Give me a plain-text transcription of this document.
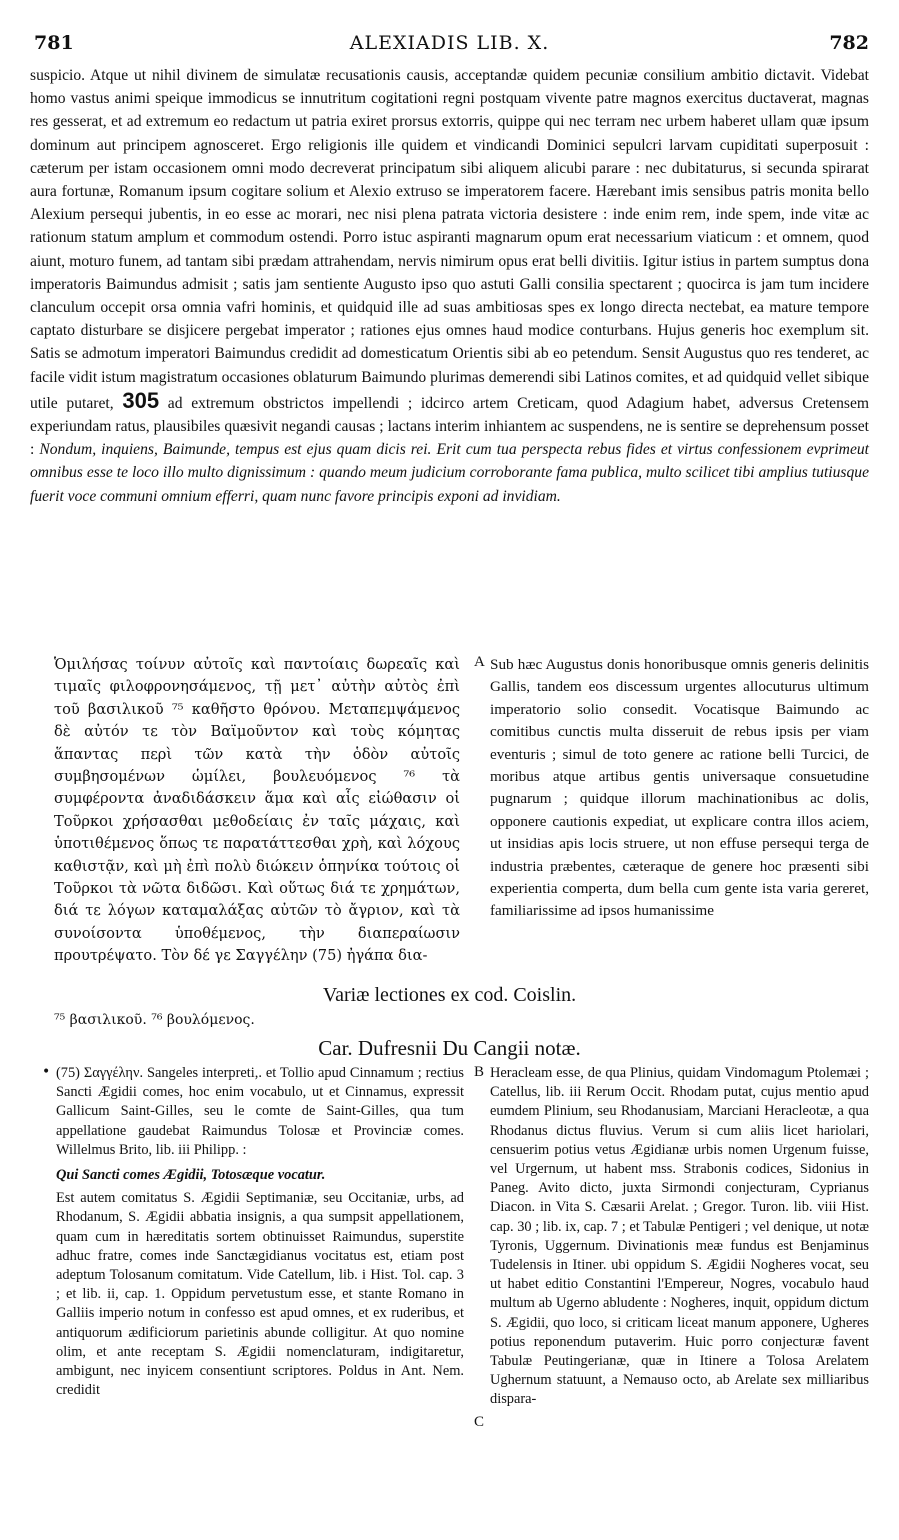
781	ALEXIADIS LIB. X.	782
suspicio. Atque ut nihil divinem de simulatæ recusationis causis, acceptandæ quidem pecuniæ consilium ambitio dictavit. Videbat homo vastus animi speique immodicus se innutritum cogitationi regni postquam vivente patre magnos exercitus ductaverat, magnas res gesserat, et ad extremum eo redactum ut patria exiret prorsus extorris, quippe qui nec terram nec urbem haberet ullam quæ ipsum dominum aut principem agnosceret. Ergo religionis ille quidem et vindicandi Dominici sepulcri larvam cupiditati superposuit : cæterum per istam occasionem omni modo decreverat principatum sibi aliquem alicubi parare : nec dubitaturus, si secunda spirarat aura fortunæ, Romanum ipsum cogitare solium et Alexio extruso se imperatorem facere. Hærebant imis sensibus patris monita bello Alexium persequi jubentis, in eo esse ac morari, nec nisi plena patrata victoria desistere : inde enim rem, inde spem, inde vitæ ac rationum statum amplum et commodum ostendi. Porro istuc aspiranti magnarum opum erat necessarium viaticum : et omnem, quod aiunt, moturo funem, ad tantam sibi prædam attrahendam, nervis nimirum opus erat belli divitiis. Igitur istius in partem sumptus dona imperatoris Baimundus admisit ; satis jam sentiente Augusto ipso quo astuti Galli consilia spectarent ; quocirca is jam tum incidere clanculum occepit orsa omnia vafri hominis, et quidquid ille ad suas ambitiosas spes ex longo directa nectebat, ea mature tempore captato disturbare se disjicere pergebat imperator ; rationes ejus omnes haud modice conturbans. Hujus generis hoc exemplum sit. Satis se admotum imperatori Baimundus credidit ad domesticatum Orientis sibi ab eo petendum. Sensit Augustus quo res tenderet, ac facile vidit istum magistratum occasiones oblaturum Baimundo plurimas demerendi sibi Latinos comites, et ad quidquid vellet sibique utile putaret, 305 ad extremum obstrictos impellendi ; idcirco artem Creticam, quod Adagium habet, adversus Cretensem experiundam ratus, plausibiles quæsivit negandi causas ; lactans interim inhiantem ac suspendens, ne is sentire se deprehensum posset : Nondum, inquiens, Baimunde, tempus est ejus quam dicis rei. Erit cum tua perspecta rebus fides et virtus confessionem evprimeut omnibus esse te loco illo multo dignissimum : quando meum judicium corroborante fama publica, multo scilicet tibi amplius tutiusque fuerit voce communi omnium efferri, quam nunc favore principis exponi ad invidiam.
Ὁμιλήσας τοίνυν αὐτοῖς καὶ παντοίαις δωρεαῖς καὶ τιμαῖς φιλοφρονησάμενος, τῇ μετ᾽ αὐτὴν αὐτὸς ἐπὶ τοῦ βασιλικοῦ ⁷⁵ καθῆστο θρόνου. Μεταπεμψάμενος δὲ αὐτόν τε τὸν Βαϊμοῦντον καὶ τοὺς κόμητας ἅπαντας περὶ τῶν κατὰ τὴν ὁδὸν αὐτοῖς συμβησομένων ὡμίλει, βουλευόμενος ⁷⁶ τὰ συμφέροντα ἀναδιδάσκειν ἅμα καὶ αἷς εἰώθασιν οἱ Τοῦρκοι χρήσασθαι μεθοδείαις ἐν ταῖς μάχαις, καὶ ὑποτιθέμενος ὅπως τε παρατάττεσθαι χρὴ, καὶ λόχους καθιστᾷν, καὶ μὴ ἐπὶ πολὺ διώκειν ὁπηνίκα τούτοις οἱ Τοῦρκοι τὰ νῶτα διδῶσι. Καὶ οὕτως διά τε χρημάτων, διά τε λόγων καταμαλάξας αὐτῶν τὸ ἄγριον, καὶ τὰ συνοίσοντα ὑποθέμενος, τὴν διαπεραίωσιν προυτρέψατο. Τὸν δέ γε Σαγγέλην (75) ἠγάπα δια-
A Sub hæc Augustus donis honoribusque omnis generis delinitis Gallis, tandem eos discessum urgentes allocuturus ultimum imperatorio solio consedit. Vocatisque Baimundo ac comitibus cunctis multa disseruit de rebus ipsis per viam eventuris ; simul de toto genere ac ratione belli Turcici, de moribus atque artibus gentis universaque consuetudine pugnarum ; quidque illorum machinationibus ac dolis, opponere cautionis expediat, ut explicare contra illos aciem, ut insidias apis locis struere, ut non effuse persequi terga de industria præbentes, cæteraque de genere hoc præsenti sibi experientia comperta, dum bella cum gente ista varia gereret, familiarissime ad ipsos humanissime
Variæ lectiones ex cod. Coislin.
⁷⁵ βασιλικοῦ. ⁷⁶ βουλόμενος.
Car. Dufresnii Du Cangii notæ.
• (75) Σαγγέλην. Sangeles interpreti,. et Tollio apud Cinnamum ; rectius Sancti Ægidii comes, hoc enim vocabulo, ut et Cinnamus, expressit Gallicum Saint-Gilles, seu le comte de Saint-Gilles, qua tum appellatione gaudebat Raimundus Tolosæ et Provinciæ comes. Willelmus Brito, lib. iii Philipp. :
Qui Sancti comes Ægidii, Totosæque vocatur.
Est autem comitatus S. Ægidii Septimaniæ, seu Occitaniæ, urbs, ad Rhodanum, S. Ægidii abbatia insignis, a qua sumpsit appellationem, quam cum in hæreditatis sortem obtinuisset Raimundus, superstite adhuc fratre, comes inde Sanctægidianus vocitatus est, etiam post adeptum Tolosanum comitatum. Vide Catellum, lib. i Hist. Tol. cap. 3 ; et lib. ii, cap. 1. Oppidum pervetustum esse, et stante Romano in Galliis imperio notum in confesso est apud omnes, et ex ruderibus, et antiquorum ædificiorum parietinis abunde colligitur. At quo nomine olim, et ante receptam S. Ægidii nomenclaturam, indigitaretur, ambigunt, nec inyicem consentiunt scriptores. Poldus in Ant. Nem. credidit
B
C
Heracleam esse, de qua Plinius, quidam Vindomagum Ptolemæi ; Catellus, lib. iii Rerum Occit. Rhodam putat, cujus mentio apud eumdem Plinium, seu Rhodanusiam, Marciani Heracleotæ, a qua Rhodanus dictus fluvius. Verum si cum aliis licet hariolari, censuerim potius vetus Ægidianæ urbis nomen Urgenum fuisse, vel Urgernum, ut habent mss. Strabonis codices, Sidonius in Paneg. Avito dicto, juxta Sirmondi conjecturam, Cyprianus Diacon. in Vita S. Cæsarii Arelat. ; Gregor. Turon. lib. viii Hist. cap. 30 ; lib. ix, cap. 7 ; et Tabulæ Pentigeri ; vel denique, ut notæ Tyronis, Uggernum. Divinationis meæ fundus est Benjaminus Tudelensis in Itiner. ubi oppidum S. Ægidii Nogheres vocat, seu ut habet editio Constantini l'Empereur, Nogres, vocabulo haud multum ab Ugerno abludente : Nogheres, inquit, oppidum dictum S. Ægidii, quo loco, si criticam liceat manum apponere, Ugheres potius reponendum putaverim. Huic porro conjecturæ favent Tabulæ Peutingerianæ, quæ in Itinere a Tolosa Arelatem Ughernum statuunt, a Nemauso octo, ab Arelate sex milliaribus dispara-
